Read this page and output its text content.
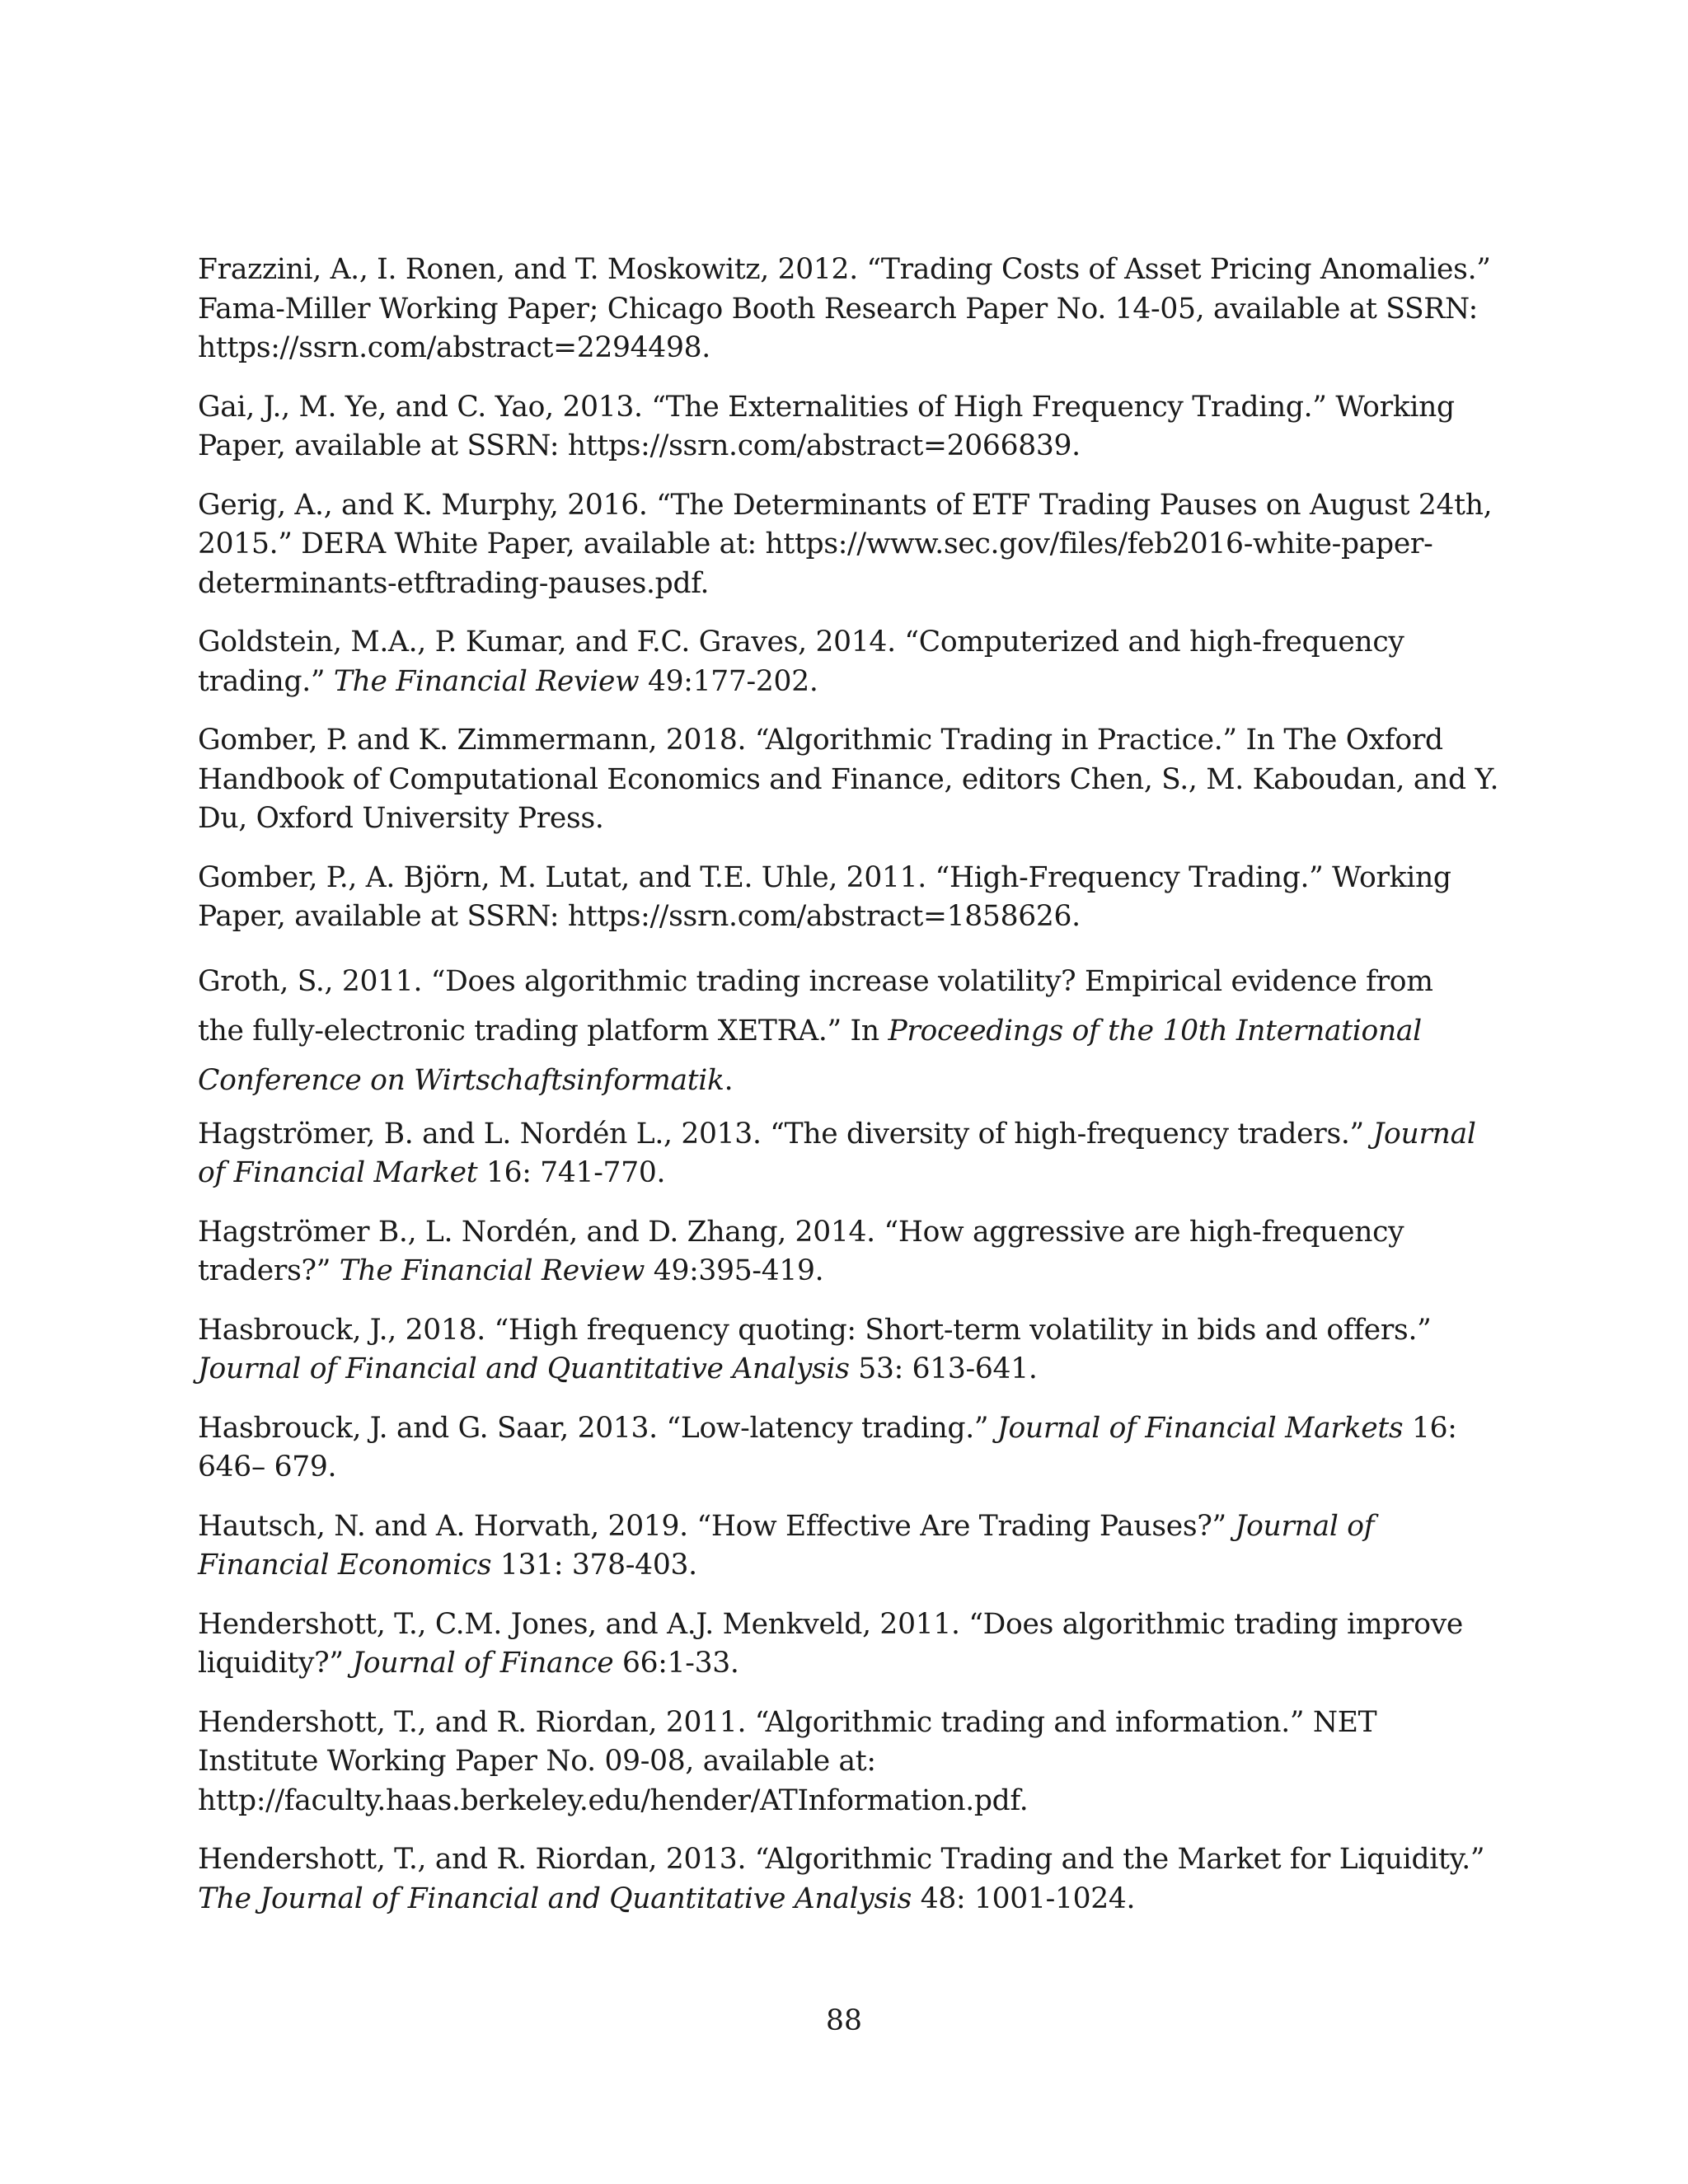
Frazzini, A., I. Ronen, and T. Moskowitz, 2012. “Trading Costs of Asset Pricing Anomalies.” Fama-Miller Working Paper; Chicago Booth Research Paper No. 14-05, available at SSRN: https://ssrn.com/abstract=2294498.
Gai, J., M. Ye, and C. Yao, 2013. “The Externalities of High Frequency Trading.” Working Paper, available at SSRN: https://ssrn.com/abstract=2066839.
Gerig, A., and K. Murphy, 2016. “The Determinants of ETF Trading Pauses on August 24th, 2015.” DERA White Paper, available at: https://www.sec.gov/files/feb2016-white-paper-determinants-etftrading-pauses.pdf.
Goldstein, M.A., P. Kumar, and F.C. Graves, 2014. “Computerized and high-frequency trading.” The Financial Review 49:177-202.
Gomber, P. and K. Zimmermann, 2018. “Algorithmic Trading in Practice.” In The Oxford Handbook of Computational Economics and Finance, editors Chen, S., M. Kaboudan, and Y. Du, Oxford University Press.
Gomber, P., A. Björn, M. Lutat, and T.E. Uhle, 2011. “High-Frequency Trading.” Working Paper, available at SSRN: https://ssrn.com/abstract=1858626.
Groth, S., 2011. “Does algorithmic trading increase volatility? Empirical evidence from
the fully-electronic trading platform XETRA.” In Proceedings of the 10th International
Conference on Wirtschaftsinformatik.
Hagströmer, B. and L. Nordén L., 2013. “The diversity of high-frequency traders.” Journal of Financial Market 16: 741-770.
Hagströmer B., L. Nordén, and D. Zhang, 2014. “How aggressive are high-frequency traders?” The Financial Review 49:395-419.
Hasbrouck, J., 2018. “High frequency quoting: Short-term volatility in bids and offers.” Journal of Financial and Quantitative Analysis 53: 613-641.
Hasbrouck, J. and G. Saar, 2013. “Low-latency trading.” Journal of Financial Markets 16: 646– 679.
Hautsch, N. and A. Horvath, 2019. “How Effective Are Trading Pauses?” Journal of Financial Economics 131: 378-403.
Hendershott, T., C.M. Jones, and A.J. Menkveld, 2011. “Does algorithmic trading improve liquidity?” Journal of Finance 66:1-33.
Hendershott, T., and R. Riordan, 2011. “Algorithmic trading and information.” NET Institute Working Paper No. 09-08, available at: http://faculty.haas.berkeley.edu/hender/ATInformation.pdf.
Hendershott, T., and R. Riordan, 2013. “Algorithmic Trading and the Market for Liquidity.” The Journal of Financial and Quantitative Analysis 48: 1001-1024.
88
